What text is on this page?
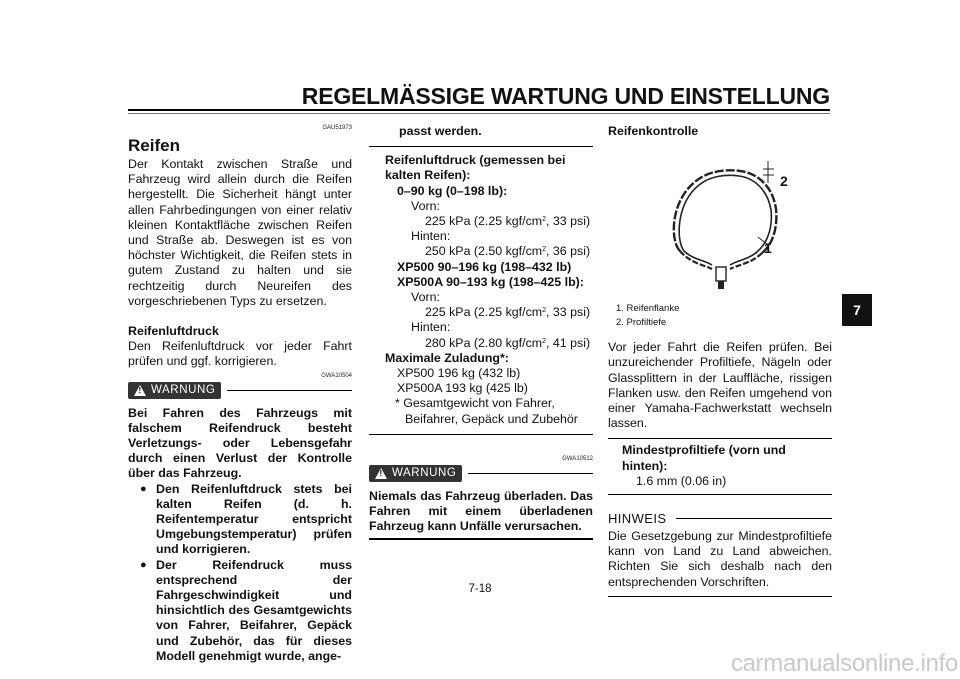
REGELMÄSSIGE WARTUNG UND EINSTELLUNG
GAU51973
Reifen
Der Kontakt zwischen Straße und Fahrzeug wird allein durch die Reifen hergestellt. Die Sicherheit hängt unter allen Fahrbedingungen von einer relativ kleinen Kontaktfläche zwischen Reifen und Straße ab. Deswegen ist es von höchster Wichtigkeit, die Reifen stets in gutem Zustand zu halten und sie rechtzeitig durch Neureifen des vorgeschriebenen Typs zu ersetzen.
Reifenluftdruck
Den Reifenluftdruck vor jeder Fahrt prüfen und ggf. korrigieren.
GWA10504
! WARNUNG
Bei Fahren des Fahrzeugs mit falschem Reifendruck besteht Verletzungs- oder Lebensgefahr durch einen Verlust der Kontrolle über das Fahrzeug.
● Den Reifenluftdruck stets bei kalten Reifen (d. h. Reifentemperatur entspricht Umgebungstemperatur) prüfen und korrigieren.
● Der Reifendruck muss entsprechend der Fahrgeschwindigkeit und hinsichtlich des Gesamtgewichts von Fahrer, Beifahrer, Gepäck und Zubehör, das für dieses Modell genehmigt wurde, ange-
passt werden.
Reifenluftdruck (gemessen bei kalten Reifen):
0–90 kg (0–198 lb):
Vorn:
225 kPa (2.25 kgf/$cm^2$, 33 psi)
Hinten:
250 kPa (2.50 kgf/$cm^2$, 36 psi)
XP500 90–196 kg (198–432 lb)
XP500A 90–193 kg (198–425 lb):
Vorn:
225 kPa (2.25 kgf/$cm^2$, 33 psi)
Hinten:
280 kPa (2.80 kgf/$cm^2$, 41 psi)
Maximale Zuladung*:
XP500 196 kg (432 lb)
XP500A 193 kg (425 lb)
* Gesamtgewicht von Fahrer, Beifahrer, Gepäck und Zubehör
GWA10512
! WARNUNG
Niemals das Fahrzeug überladen. Das Fahren mit einem überladenen Fahrzeug kann Unfälle verursachen.
Reifenkontrolle
2
1
1. Reifenflanke
2. Profiltiefe
Vor jeder Fahrt die Reifen prüfen. Bei unzureichender Profiltiefe, Nägeln oder Glassplittern in der Lauffläche, rissigen Flanken usw. den Reifen umgehend von einer Yamaha-Fachwerkstatt wechseln lassen.
Mindestprofiltiefe (vorn und hinten):
1.6 mm (0.06 in)
HINWEIS
Die Gesetzgebung zur Mindestprofiltiefe kann von Land zu Land abweichen. Richten Sie sich deshalb nach den entsprechenden Vorschriften.
7
7-18
carmanualsonline.info
